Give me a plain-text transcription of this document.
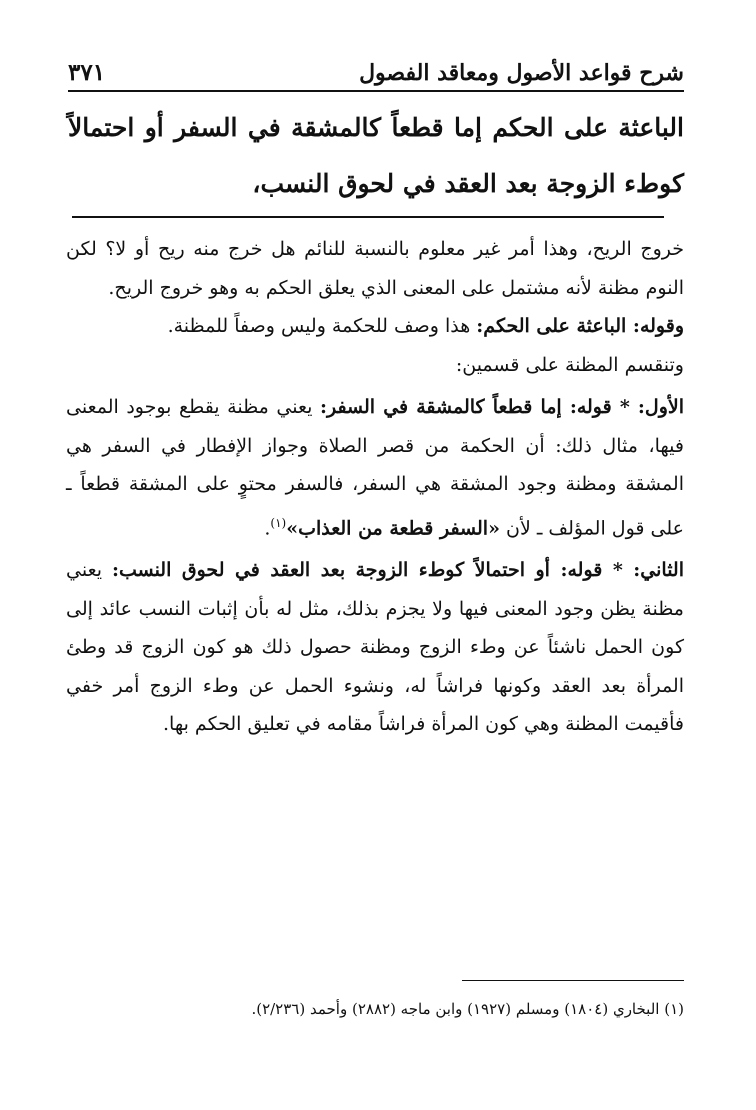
شرح قواعد الأصول ومعاقد الفصول
٣٧١
الباعثة على الحكم إما قطعاً كالمشقة في السفر أو احتمالاً كوطء الزوجة بعد العقد في لحوق النسب،

خروج الريح، وهذا أمر غير معلوم بالنسبة للنائم هل خرج منه ريح أو لا؟ لكن النوم مظنة لأنه مشتمل على المعنى الذي يعلق الحكم به وهو خروج الريح.

وقوله: الباعثة على الحكم: هذا وصف للحكمة وليس وصفاً للمظنة.

وتنقسم المظنة على قسمين:

الأول: * قوله: إما قطعاً كالمشقة في السفر: يعني مظنة يقطع بوجود المعنى فيها، مثال ذلك: أن الحكمة من قصر الصلاة وجواز الإفطار في السفر هي المشقة ومظنة وجود المشقة هي السفر، فالسفر محتوٍ على المشقة قطعاً ـ على قول المؤلف ـ لأن «السفر قطعة من العذاب»$^{(١)}$.

الثاني: * قوله: أو احتمالاً كوطء الزوجة بعد العقد في لحوق النسب: يعني مظنة يظن وجود المعنى فيها ولا يجزم بذلك، مثل له بأن إثبات النسب عائد إلى كون الحمل ناشئاً عن وطء الزوج ومظنة حصول ذلك هو كون الزوج قد وطئ المرأة بعد العقد وكونها فراشاً له، ونشوء الحمل عن وطء الزوج أمر خفي فأقيمت المظنة وهي كون المرأة فراشاً مقامه في تعليق الحكم بها.

(١) البخاري (١٨٠٤) ومسلم (١٩٢٧) وابن ماجه (٢٨٨٢) وأحمد (٢/٢٣٦).
